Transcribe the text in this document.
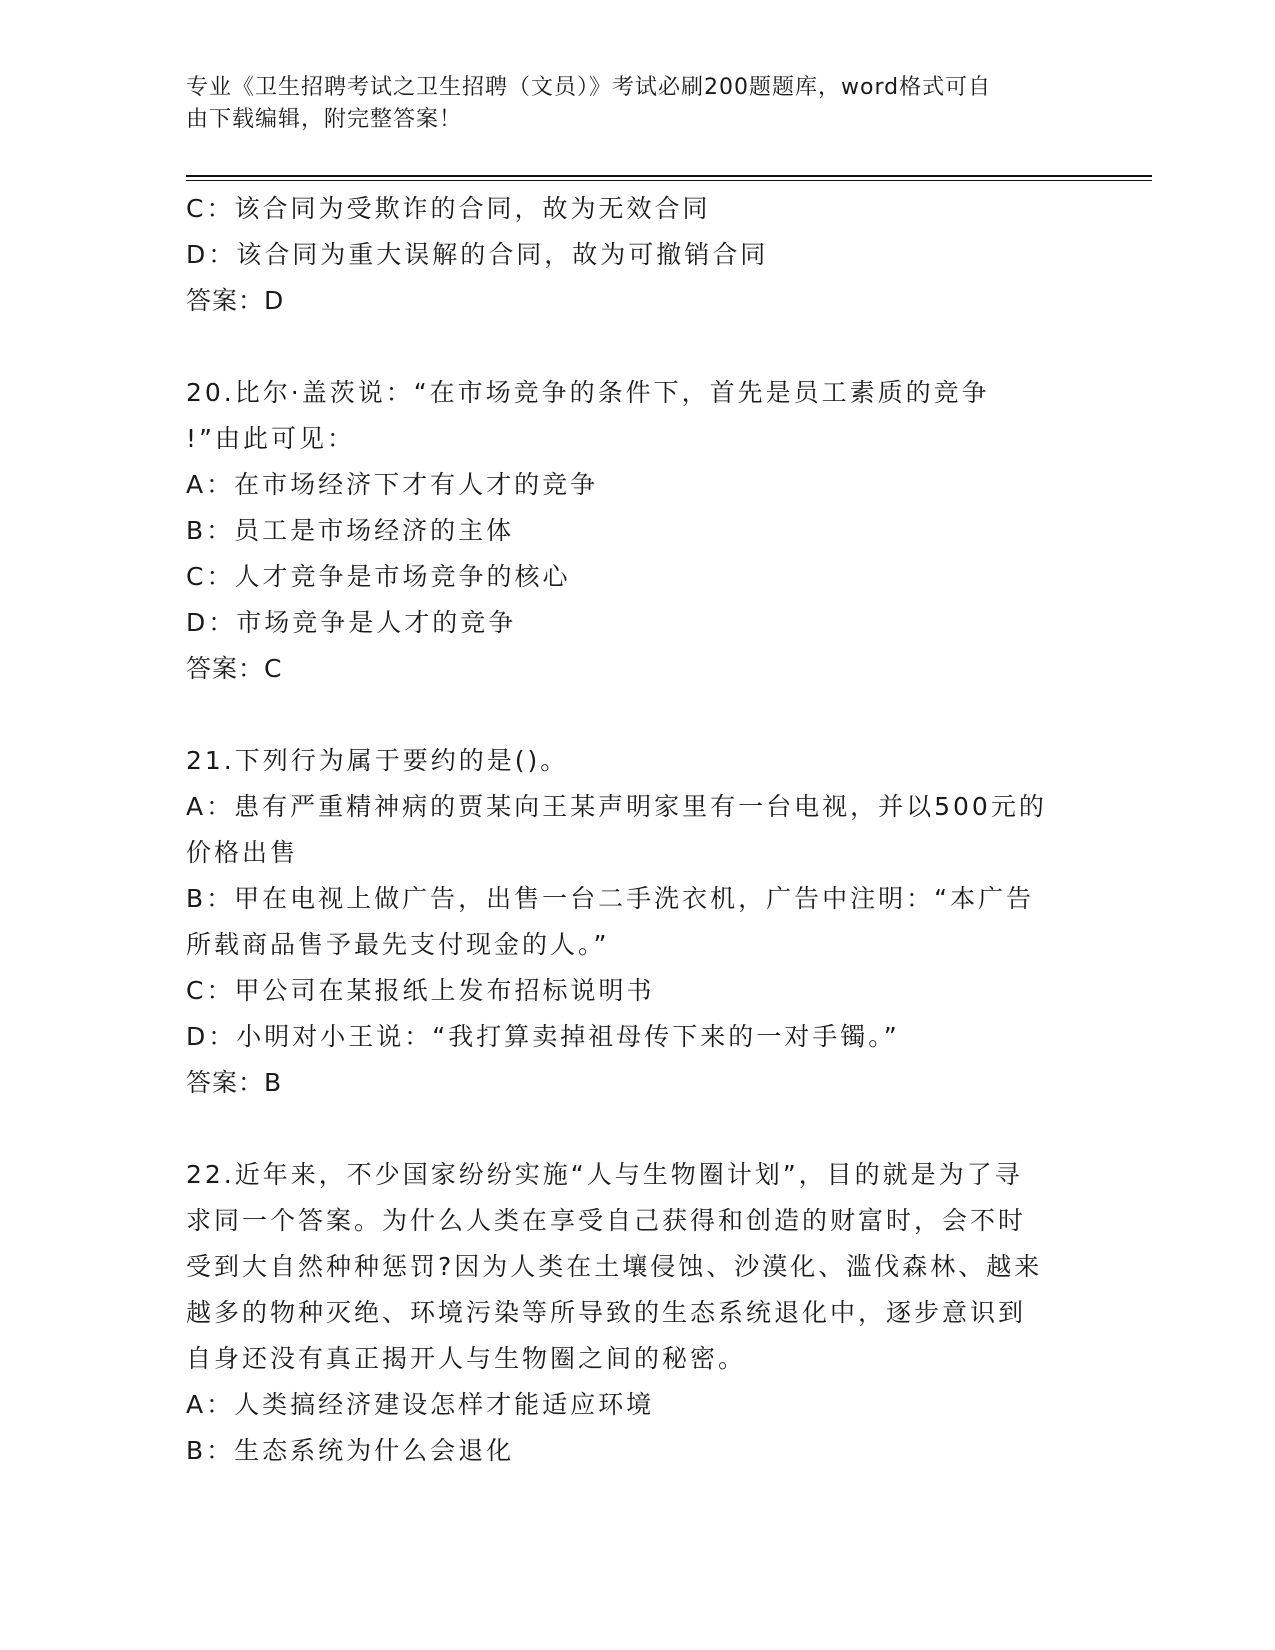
专业《卫生招聘考试之卫生招聘（文员）》考试必刷200题题库，word格式可自
由下载编辑，附完整答案！
C：该合同为受欺诈的合同，故为无效合同
D：该合同为重大误解的合同，故为可撤销合同
答案：D
20.比尔·盖茨说：“在市场竞争的条件下，首先是员工素质的竞争
!”由此可见：
A：在市场经济下才有人才的竞争
B：员工是市场经济的主体
C：人才竞争是市场竞争的核心
D：市场竞争是人才的竞争
答案：C
21.下列行为属于要约的是()。
A：患有严重精神病的贾某向王某声明家里有一台电视，并以500元的
价格出售
B：甲在电视上做广告，出售一台二手洗衣机，广告中注明：“本广告
所载商品售予最先支付现金的人。”
C：甲公司在某报纸上发布招标说明书
D：小明对小王说：“我打算卖掉祖母传下来的一对手镯。”
答案：B
22.近年来，不少国家纷纷实施“人与生物圈计划”，目的就是为了寻
求同一个答案。为什么人类在享受自己获得和创造的财富时，会不时
受到大自然种种惩罚?因为人类在土壤侵蚀、沙漠化、滥伐森林、越来
越多的物种灭绝、环境污染等所导致的生态系统退化中，逐步意识到
自身还没有真正揭开人与生物圈之间的秘密。
A：人类搞经济建设怎样才能适应环境
B：生态系统为什么会退化
